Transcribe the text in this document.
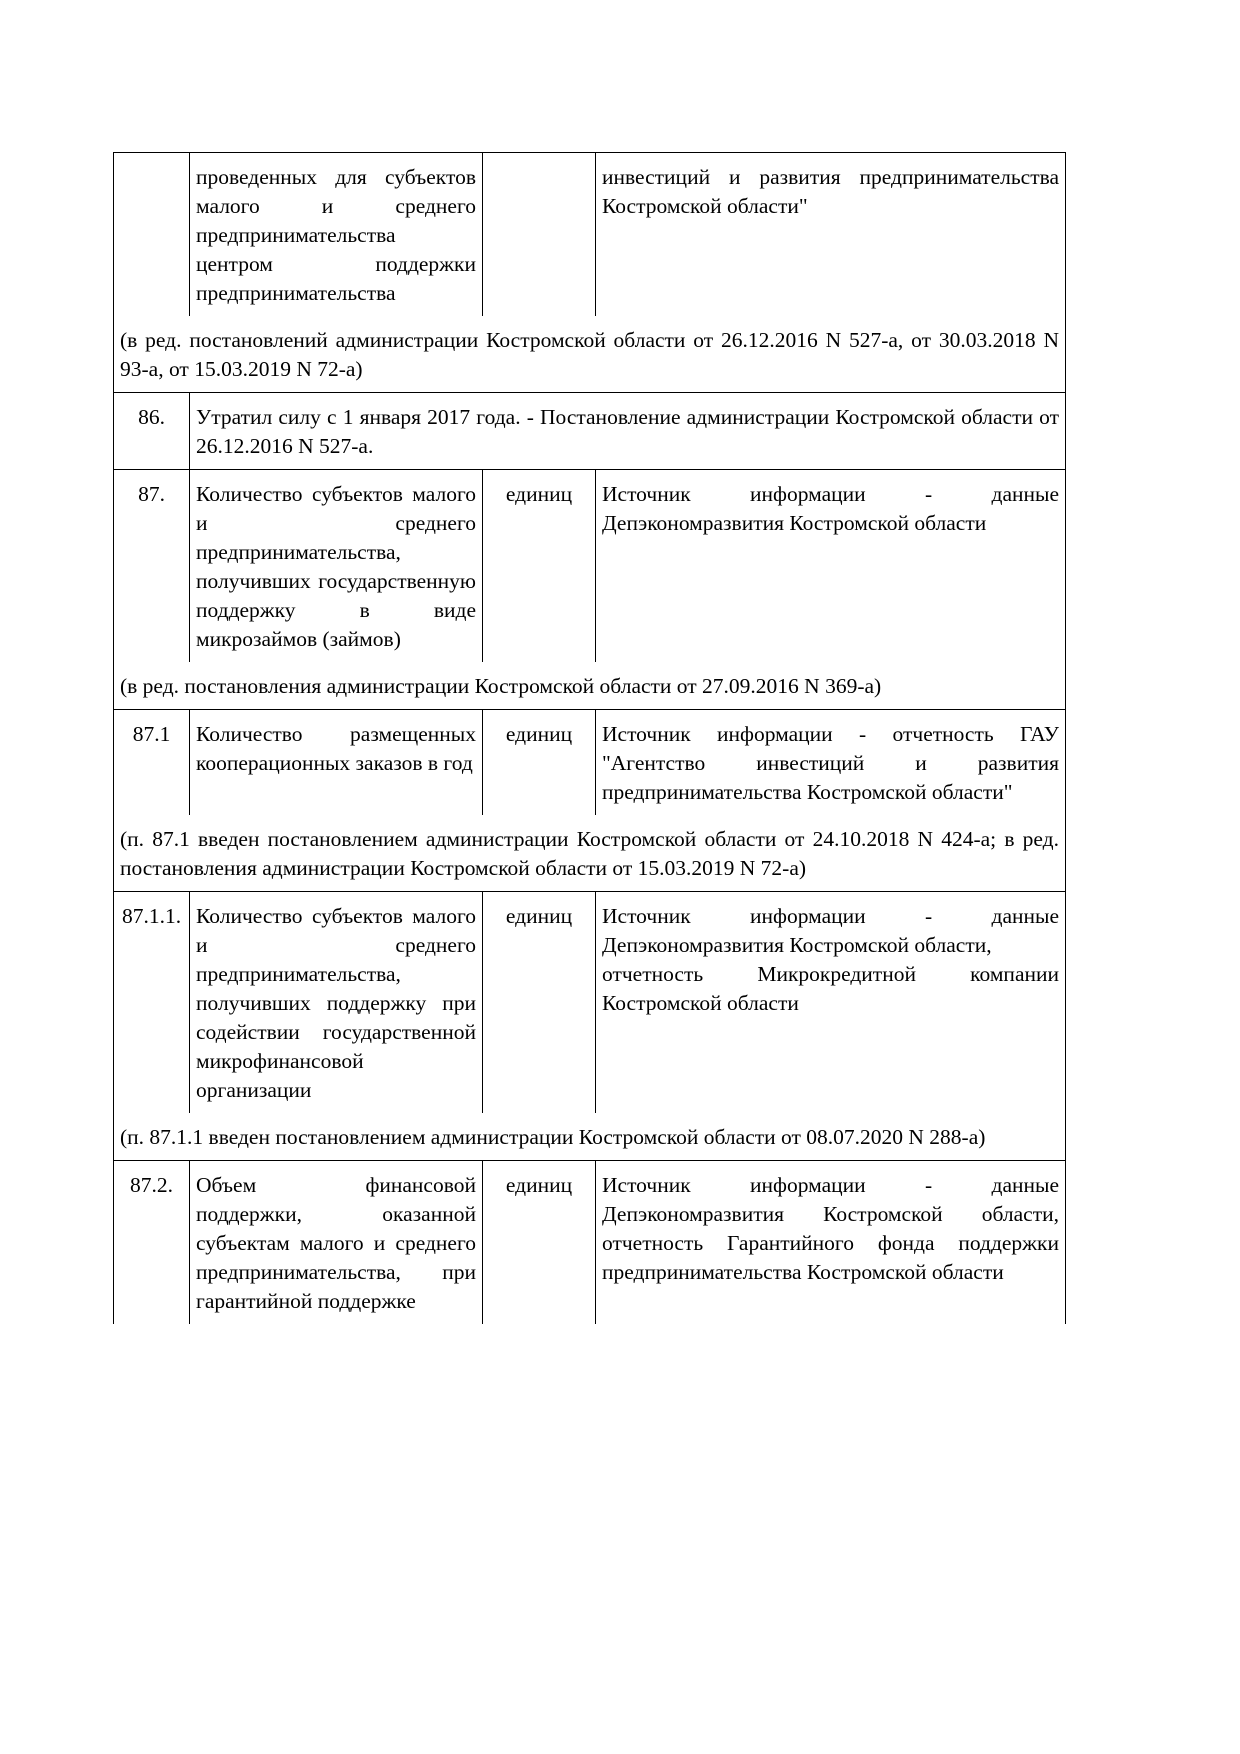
	проведенных для субъектов малого и среднего предпринимательства центром поддержки предпринимательства		инвестиций и развития предпринимательства Костромской области"
(в ред. постановлений администрации Костромской области от 26.12.2016 N 527-а, от 30.03.2018 N 93-а, от 15.03.2019 N 72-а)			
86.	Утратил силу с 1 января 2017 года. - Постановление администрации Костромской области от 26.12.2016 N 527-а.		
87.	Количество субъектов малого и среднего предпринимательства, получивших государственную поддержку в виде микрозаймов (займов)	единиц	Источник информации - данные Депэкономразвития Костромской области
(в ред. постановления администрации Костромской области от 27.09.2016 N 369-а)			
87.1	Количество размещенных кооперационных заказов в год	единиц	Источник информации - отчетность ГАУ "Агентство инвестиций и развития предпринимательства Костромской области"
(п. 87.1 введен постановлением администрации Костромской области от 24.10.2018 N 424-а; в ред. постановления администрации Костромской области от 15.03.2019 N 72-а)			
87.1.1.	Количество субъектов малого и среднего предпринимательства, получивших поддержку при содействии государственной микрофинансовой организации	единиц	Источник информации - данные Депэкономразвития Костромской области,
отчетность Микрокредитной компании Костромской области
(п. 87.1.1 введен постановлением администрации Костромской области от 08.07.2020 N 288-а)			
87.2.	Объем финансовой поддержки, оказанной субъектам малого и среднего предпринимательства, при гарантийной поддержке	единиц	Источник информации - данные Депэкономразвития Костромской области, отчетность Гарантийного фонда поддержки предпринимательства Костромской области
